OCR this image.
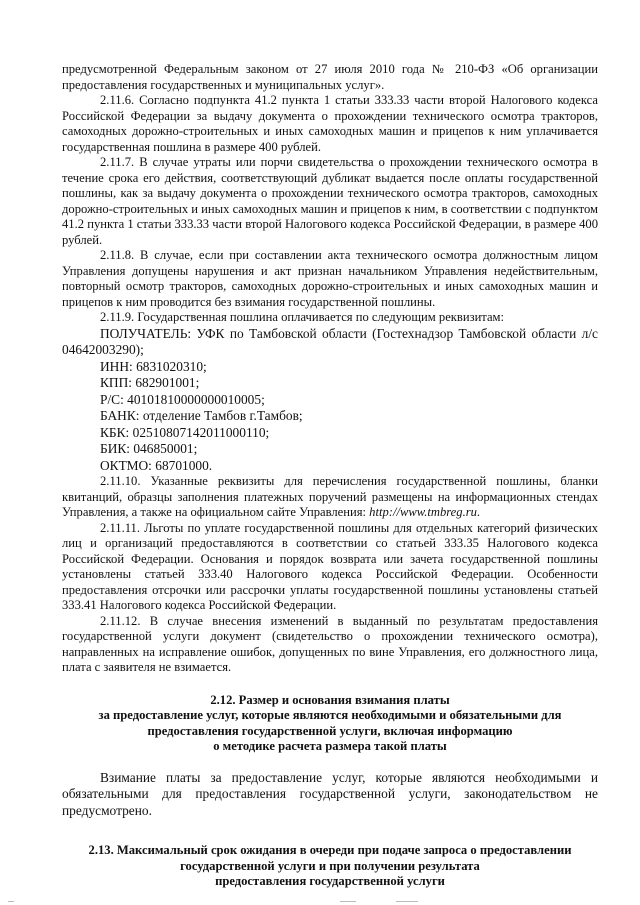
предусмотренной Федеральным законом от 27 июля 2010 года № 210-ФЗ «Об организации предоставления государственных и муниципальных услуг».

2.11.6. Согласно подпункта 41.2 пункта 1 статьи 333.33 части второй Налогового кодекса Российской Федерации за выдачу документа о прохождении технического осмотра тракторов, самоходных дорожно-строительных и иных самоходных машин и прицепов к ним уплачивается государственная пошлина в размере 400 рублей.

2.11.7. В случае утраты или порчи свидетельства о прохождении технического осмотра в течение срока его действия, соответствующий дубликат выдается после оплаты государственной пошлины, как за выдачу документа о прохождении технического осмотра тракторов, самоходных дорожно-строительных и иных самоходных машин и прицепов к ним, в соответствии с подпунктом 41.2 пункта 1 статьи 333.33 части второй Налогового кодекса Российской Федерации, в размере 400 рублей.

2.11.8. В случае, если при составлении акта технического осмотра должностным лицом Управления допущены нарушения и акт признан начальником Управления недействительным, повторный осмотр тракторов, самоходных дорожно-строительных и иных самоходных машин и прицепов к ним проводится без взимания государственной пошлины.

2.11.9. Государственная пошлина оплачивается по следующим реквизитам:

ПОЛУЧАТЕЛЬ: УФК по Тамбовской области (Гостехнадзор Тамбовской области л/с 04642003290);

ИНН: 6831020310;

КПП: 682901001;

Р/С: 40101810000000010005;

БАНК: отделение Тамбов г.Тамбов;

КБК: 02510807142011000110;

БИК: 046850001;

ОКТМО: 68701000.

2.11.10. Указанные реквизиты для перечисления государственной пошлины, бланки квитанций, образцы заполнения платежных поручений размещены на информационных стендах Управления, а также на официальном сайте Управления: http://www.tmbreg.ru.

2.11.11. Льготы по уплате государственной пошлины для отдельных категорий физических лиц и организаций предоставляются в соответствии со статьей 333.35 Налогового кодекса Российской Федерации. Основания и порядок возврата или зачета государственной пошлины установлены статьей 333.40 Налогового кодекса Российской Федерации. Особенности предоставления отсрочки или рассрочки уплаты государственной пошлины установлены статьей 333.41 Налогового кодекса Российской Федерации.

2.11.12. В случае внесения изменений в выданный по результатам предоставления государственной услуги документ (свидетельство о прохождении технического осмотра), направленных на исправление ошибок, допущенных по вине Управления, его должностного лица, плата с заявителя не взимается.

2.12. Размер и основания взимания платы

за предоставление услуг, которые являются необходимыми и обязательными для

предоставления государственной услуги, включая информацию

о методике расчета размера такой платы

Взимание платы за предоставление услуг, которые являются необходимыми и обязательными для предоставления государственной услуги, законодательством не предусмотрено.

2.13. Максимальный срок ожидания в очереди при подаче запроса о предоставлении

государственной услуги и при получении результата

предоставления государственной услуги
